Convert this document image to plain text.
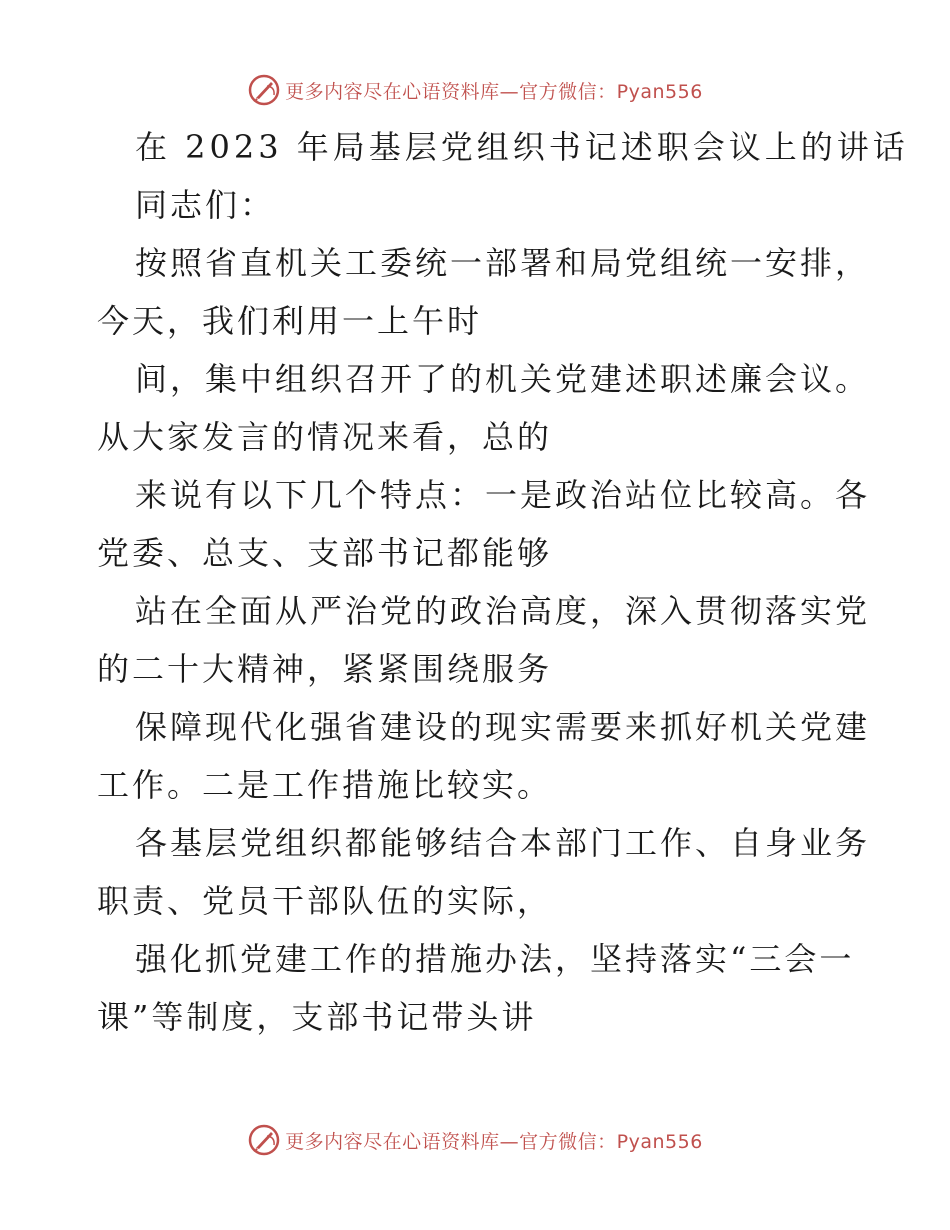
更多内容尽在心语资料库—官方微信：Pyan556
在 2023 年局基层党组织书记述职会议上的讲话
同志们：
按照省直机关工委统一部署和局党组统一安排，
今天，我们利用一上午时
间，集中组织召开了的机关党建述职述廉会议。
从大家发言的情况来看，总的
来说有以下几个特点：一是政治站位比较高。各
党委、总支、支部书记都能够
站在全面从严治党的政治高度，深入贯彻落实党
的二十大精神，紧紧围绕服务
保障现代化强省建设的现实需要来抓好机关党建
工作。二是工作措施比较实。
各基层党组织都能够结合本部门工作、自身业务
职责、党员干部队伍的实际，
强化抓党建工作的措施办法，坚持落实“三会一
课”等制度，支部书记带头讲
更多内容尽在心语资料库—官方微信：Pyan556
